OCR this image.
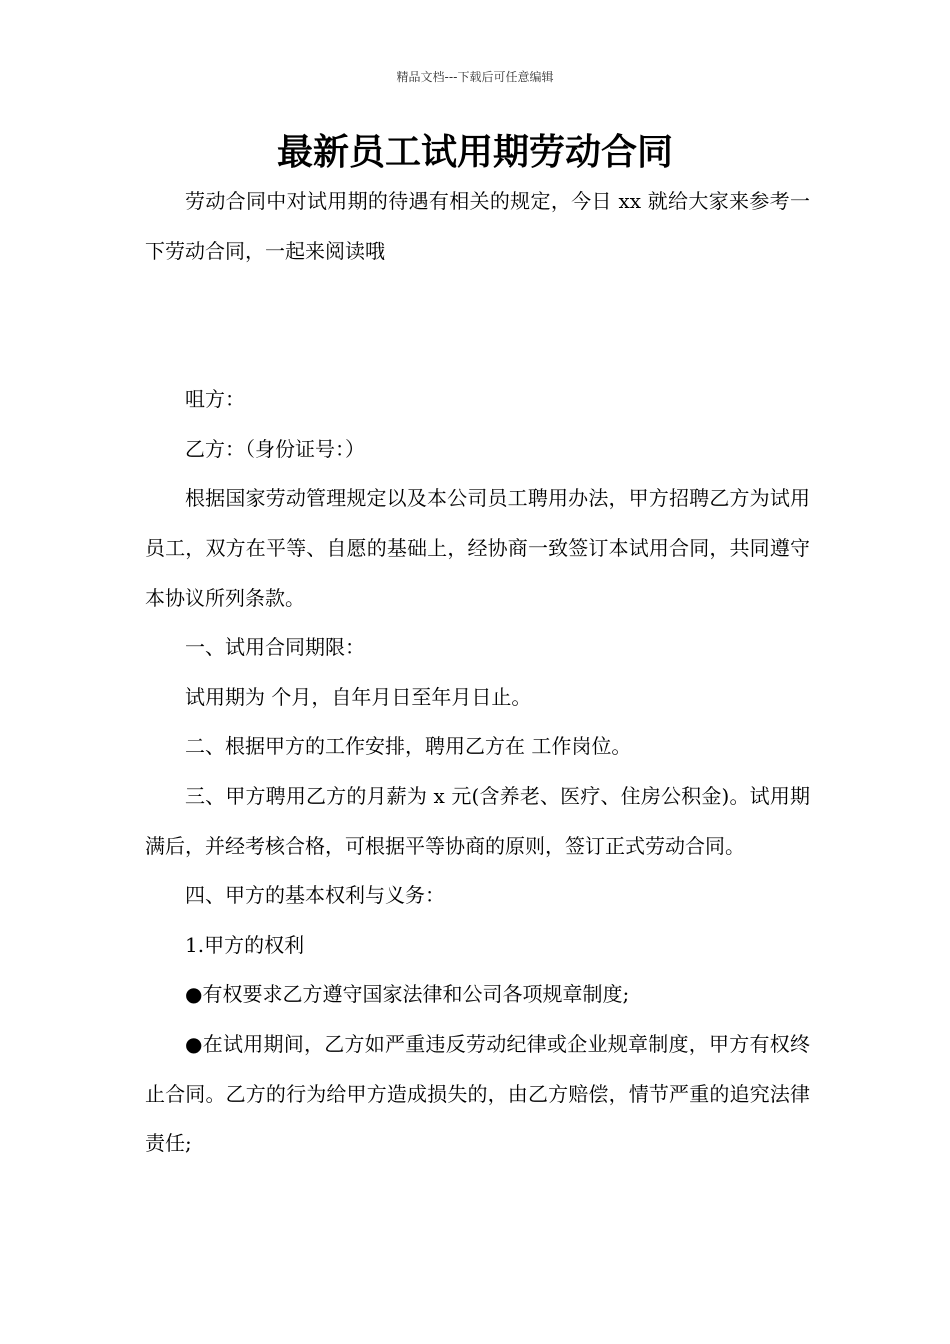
精品文档---下载后可任意编辑
最新员工试用期劳动合同

劳动合同中对试用期的待遇有相关的规定，今日 xx 就给大家来参考一下劳动合同，一起来阅读哦

咀方：

乙方：（身份证号：）

根据国家劳动管理规定以及本公司员工聘用办法，甲方招聘乙方为试用员工，双方在平等、自愿的基础上，经协商一致签订本试用合同，共同遵守本协议所列条款。

一、试用合同期限：

试用期为 个月，自年月日至年月日止。

二、根据甲方的工作安排，聘用乙方在 工作岗位。

三、甲方聘用乙方的月薪为 x 元(含养老、医疗、住房公积金)。试用期满后，并经考核合格，可根据平等协商的原则，签订正式劳动合同。

四、甲方的基本权利与义务：

1.甲方的权利

●有权要求乙方遵守国家法律和公司各项规章制度;

●在试用期间，乙方如严重违反劳动纪律或企业规章制度，甲方有权终止合同。乙方的行为给甲方造成损失的，由乙方赔偿，情节严重的追究法律责任;
